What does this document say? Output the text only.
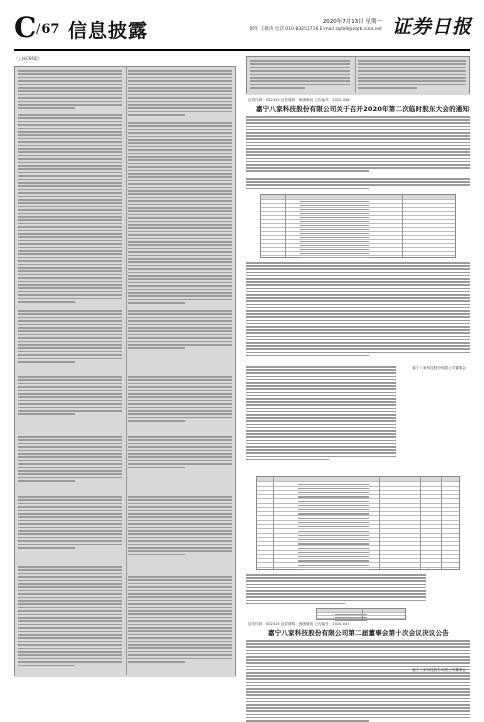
C /67 信息披露	2020年7月13日 星期一
制作 王敬涛 电话 010-83251716 E-mail zqrb9@zqrb.sina.net 证券日报
（上接C66版）
证券代码：002415 证券简称：海康威视 公告编号：2020-036
嘉宁八家科技股份有限公司关于召开2020年第二次临时股东大会的通知
嘉宁八家科技股份有限公司董事会
证券代码：002415 证券简称：海康威视 公告编号：2020-037
嘉宁八家科技股份有限公司第二届董事会第十次会议决议公告
嘉宁八家科技股份有限公司董事会
